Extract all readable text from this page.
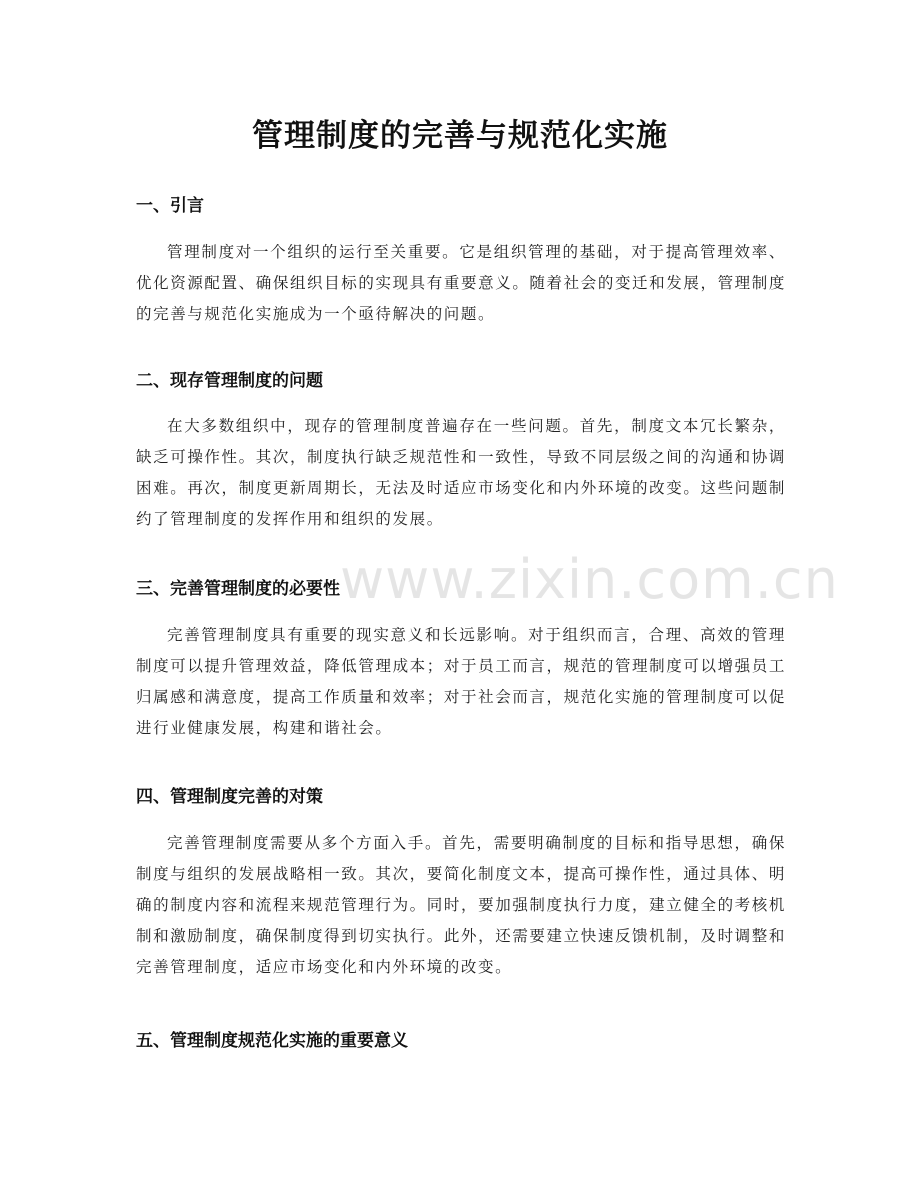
管理制度的完善与规范化实施
一、引言
管理制度对一个组织的运行至关重要。它是组织管理的基础，对于提高管理效率、优化资源配置、确保组织目标的实现具有重要意义。随着社会的变迁和发展，管理制度的完善与规范化实施成为一个亟待解决的问题。
二、现存管理制度的问题
在大多数组织中，现存的管理制度普遍存在一些问题。首先，制度文本冗长繁杂，缺乏可操作性。其次，制度执行缺乏规范性和一致性，导致不同层级之间的沟通和协调困难。再次，制度更新周期长，无法及时适应市场变化和内外环境的改变。这些问题制约了管理制度的发挥作用和组织的发展。
三、完善管理制度的必要性
完善管理制度具有重要的现实意义和长远影响。对于组织而言，合理、高效的管理制度可以提升管理效益，降低管理成本；对于员工而言，规范的管理制度可以增强员工归属感和满意度，提高工作质量和效率；对于社会而言，规范化实施的管理制度可以促进行业健康发展，构建和谐社会。
四、管理制度完善的对策
完善管理制度需要从多个方面入手。首先，需要明确制度的目标和指导思想，确保制度与组织的发展战略相一致。其次，要简化制度文本，提高可操作性，通过具体、明确的制度内容和流程来规范管理行为。同时，要加强制度执行力度，建立健全的考核机制和激励制度，确保制度得到切实执行。此外，还需要建立快速反馈机制，及时调整和完善管理制度，适应市场变化和内外环境的改变。
五、管理制度规范化实施的重要意义
www.zixin.com.cn
